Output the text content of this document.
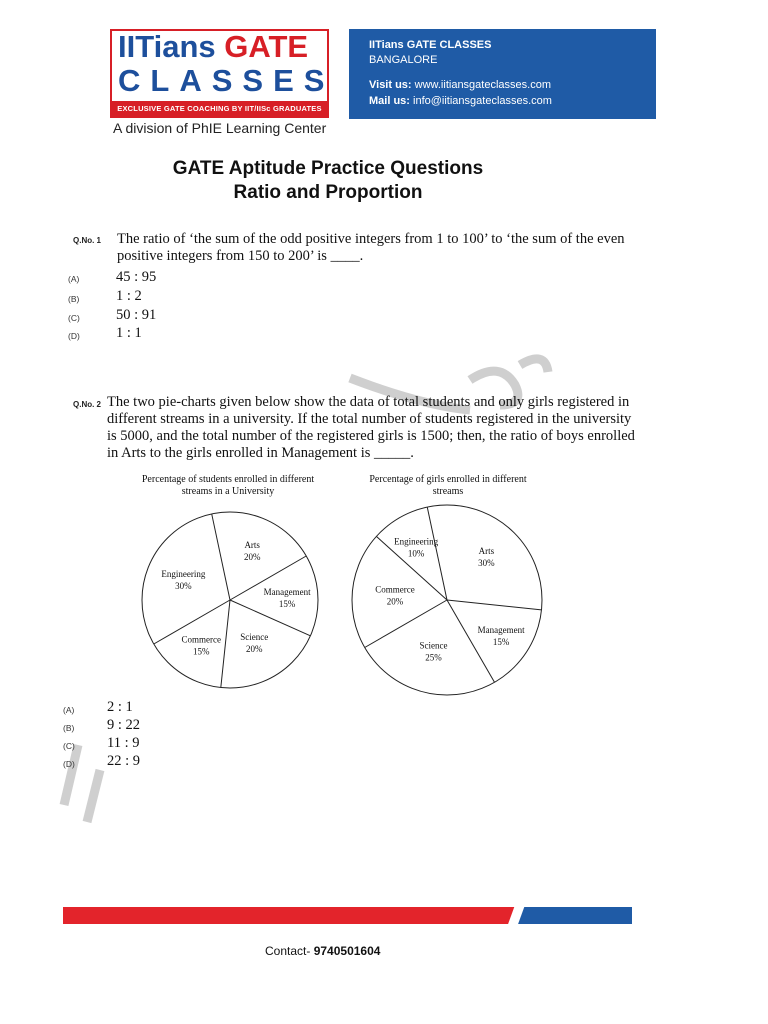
IITians GATE
CLASSES
EXCLUSIVE GATE COACHING BY IIT/IISc GRADUATES
A division of PhIE Learning Center
IITians GATE CLASSES
BANGALORE
Visit us: www.iitiansgateclasses.com
Mail us: info@iitiansgateclasses.com
GATE Aptitude Practice Questions
Ratio and Proportion
Q.No. 1 The ratio of ‘the sum of the odd positive integers from 1 to 100’ to ‘the sum of the even
positive integers from 150 to 200’ is ____.
(A)	45 : 95
(B)	1 : 2
(C) 50 : 91
(D) 1 : 1
Q.No. 2 The two pie-charts given below show the data of total students and only girls registered in
different streams in a university. If the total number of students registered in the university
is 5000, and the total number of the registered girls is 1500; then, the ratio of boys enrolled
in Arts to the girls enrolled in Management is _____.
Percentage of students enrolled in different
streams in a University
Percentage of girls enrolled in different
streams
Arts
20%
Management
15%
Science
20%
Commerce
15%
Engineering
30%
Arts
30%
Management
15%
Science
25%
Commerce
20%
Engineering
10%
(A) 2 : 1
(B) 9 : 22
(C) 11 : 9
(D) 22 : 9
Contact- 9740501604
